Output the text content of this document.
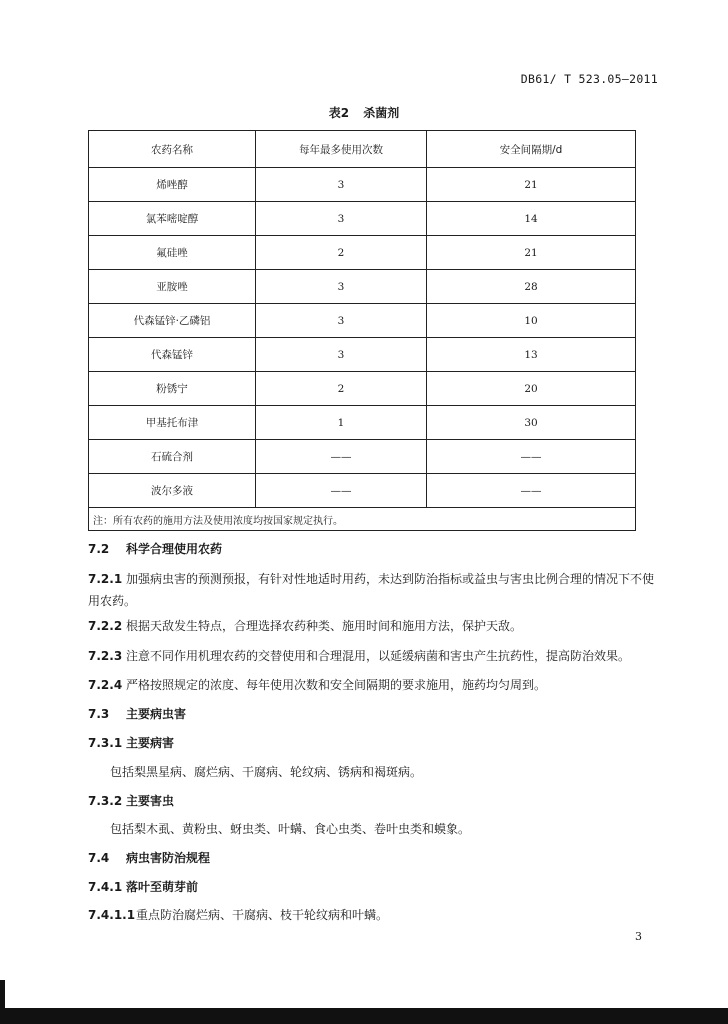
DB61/ T 523.05—2011
表2 杀菌剂
农药名称	每年最多使用次数	安全间隔期/d
烯唑醇	3	21
氯苯嘧啶醇	3	14
氟硅唑	2	21
亚胺唑	3	28
代森锰锌·乙磷铝	3	10
代森锰锌	3	13
粉锈宁	2	20
甲基托布津	1	30
石硫合剂	——	——
波尔多液	——	——
注：所有农药的施用方法及使用浓度均按国家规定执行。		
7.2 科学合理使用农药
7.2.1 加强病虫害的预测预报，有针对性地适时用药，未达到防治指标或益虫与害虫比例合理的情况下不使用农药。
7.2.2 根据天敌发生特点，合理选择农药种类、施用时间和施用方法，保护天敌。
7.2.3 注意不同作用机理农药的交替使用和合理混用，以延缓病菌和害虫产生抗药性，提高防治效果。
7.2.4 严格按照规定的浓度、每年使用次数和安全间隔期的要求施用，施药均匀周到。
7.3 主要病虫害
7.3.1 主要病害
包括梨黑星病、腐烂病、干腐病、轮纹病、锈病和褐斑病。
7.3.2 主要害虫
包括梨木虱、黄粉虫、蚜虫类、叶螨、食心虫类、卷叶虫类和蟆象。
7.4 病虫害防治规程
7.4.1 落叶至萌芽前
7.4.1.1重点防治腐烂病、干腐病、枝干轮纹病和叶螨。
3
